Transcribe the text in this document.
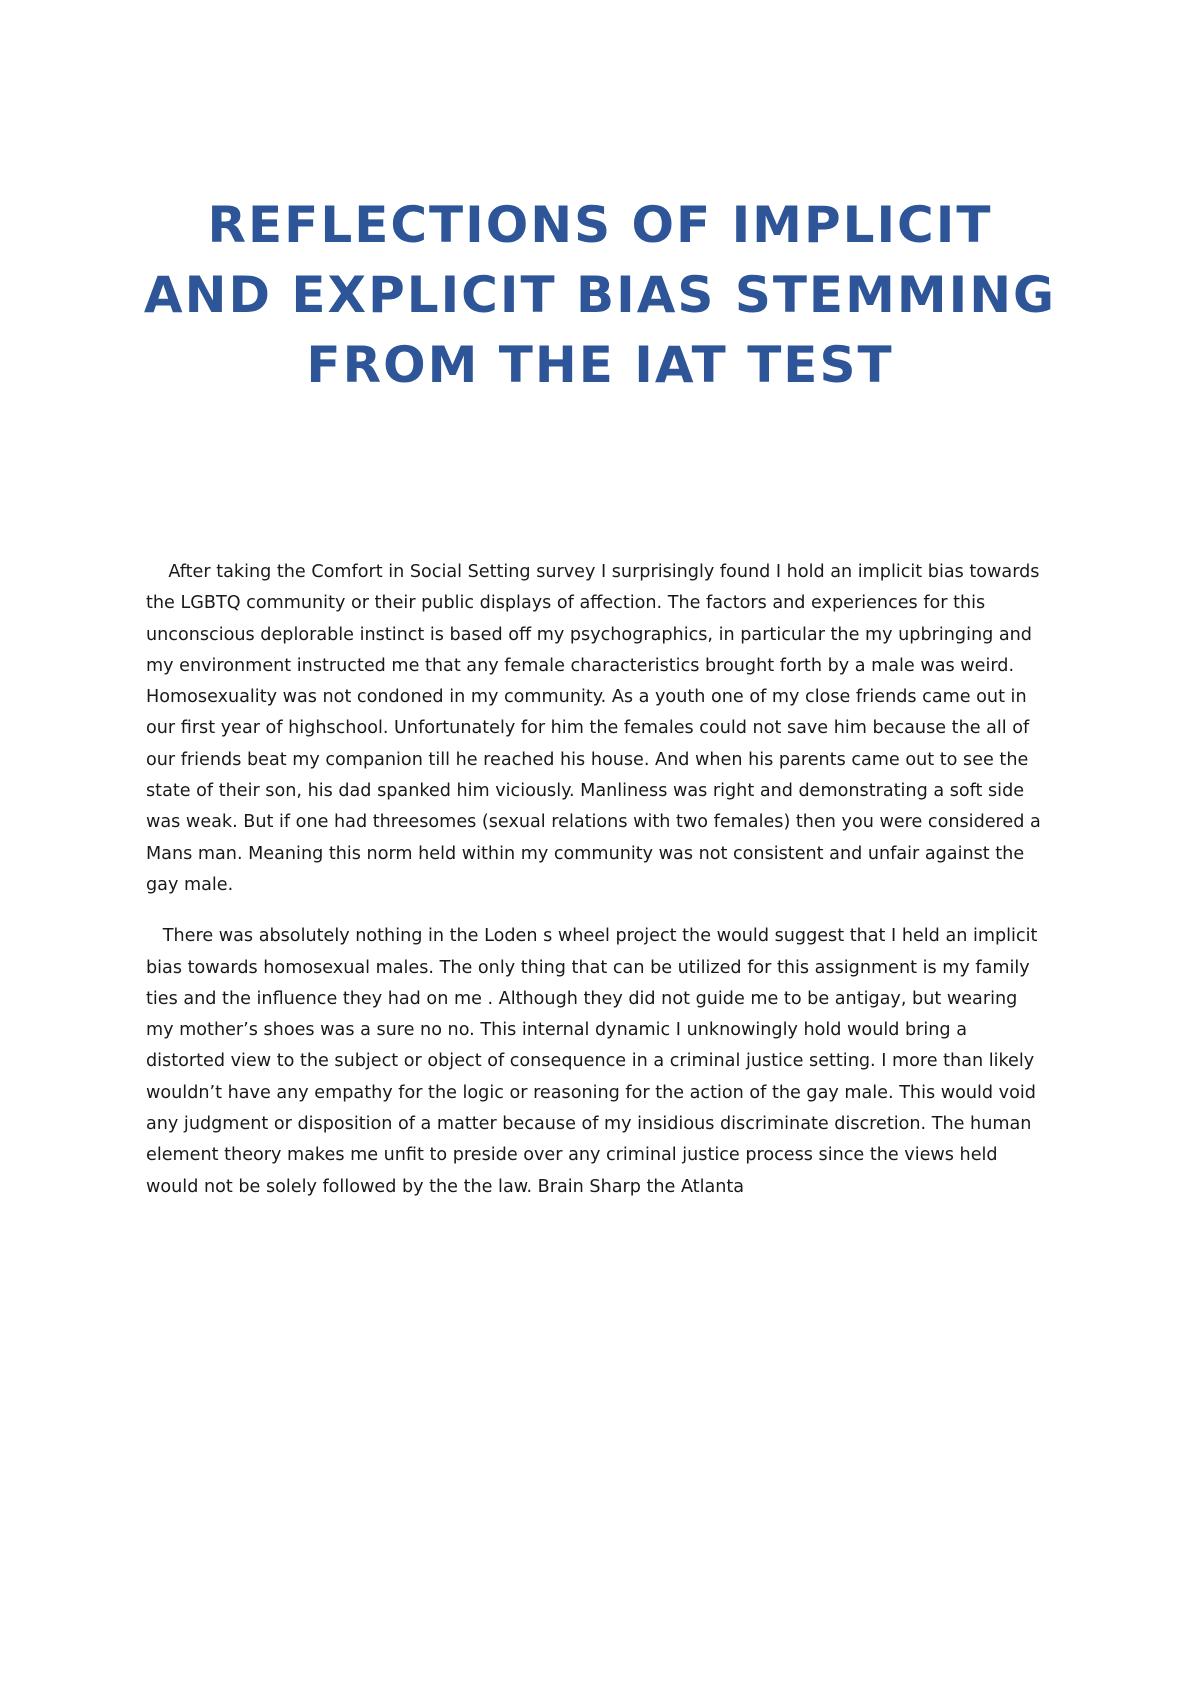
REFLECTIONS OF IMPLICIT
AND EXPLICIT BIAS STEMMING
FROM THE IAT TEST

After taking the Comfort in Social Setting survey I surprisingly found I hold an implicit bias towards
the LGBTQ community or their public displays of affection. The factors and experiences for this
unconscious deplorable instinct is based off my psychographics, in particular the my upbringing and
my environment instructed me that any female characteristics brought forth by a male was weird.
Homosexuality was not condoned in my community. As a youth one of my close friends came out in
our first year of highschool. Unfortunately for him the females could not save him because the all of
our friends beat my companion till he reached his house. And when his parents came out to see the
state of their son, his dad spanked him viciously. Manliness was right and demonstrating a soft side
was weak. But if one had threesomes (sexual relations with two females) then you were considered a
Mans man. Meaning this norm held within my community was not consistent and unfair against the
gay male.

There was absolutely nothing in the Loden s wheel project the would suggest that I held an implicit
bias towards homosexual males. The only thing that can be utilized for this assignment is my family
ties and the influence they had on me . Although they did not guide me to be antigay, but wearing
my mother’s shoes was a sure no no. This internal dynamic I unknowingly hold would bring a
distorted view to the subject or object of consequence in a criminal justice setting. I more than likely
wouldn’t have any empathy for the logic or reasoning for the action of the gay male. This would void
any judgment or disposition of a matter because of my insidious discriminate discretion. The human
element theory makes me unfit to preside over any criminal justice process since the views held
would not be solely followed by the the law. Brain Sharp the Atlanta
